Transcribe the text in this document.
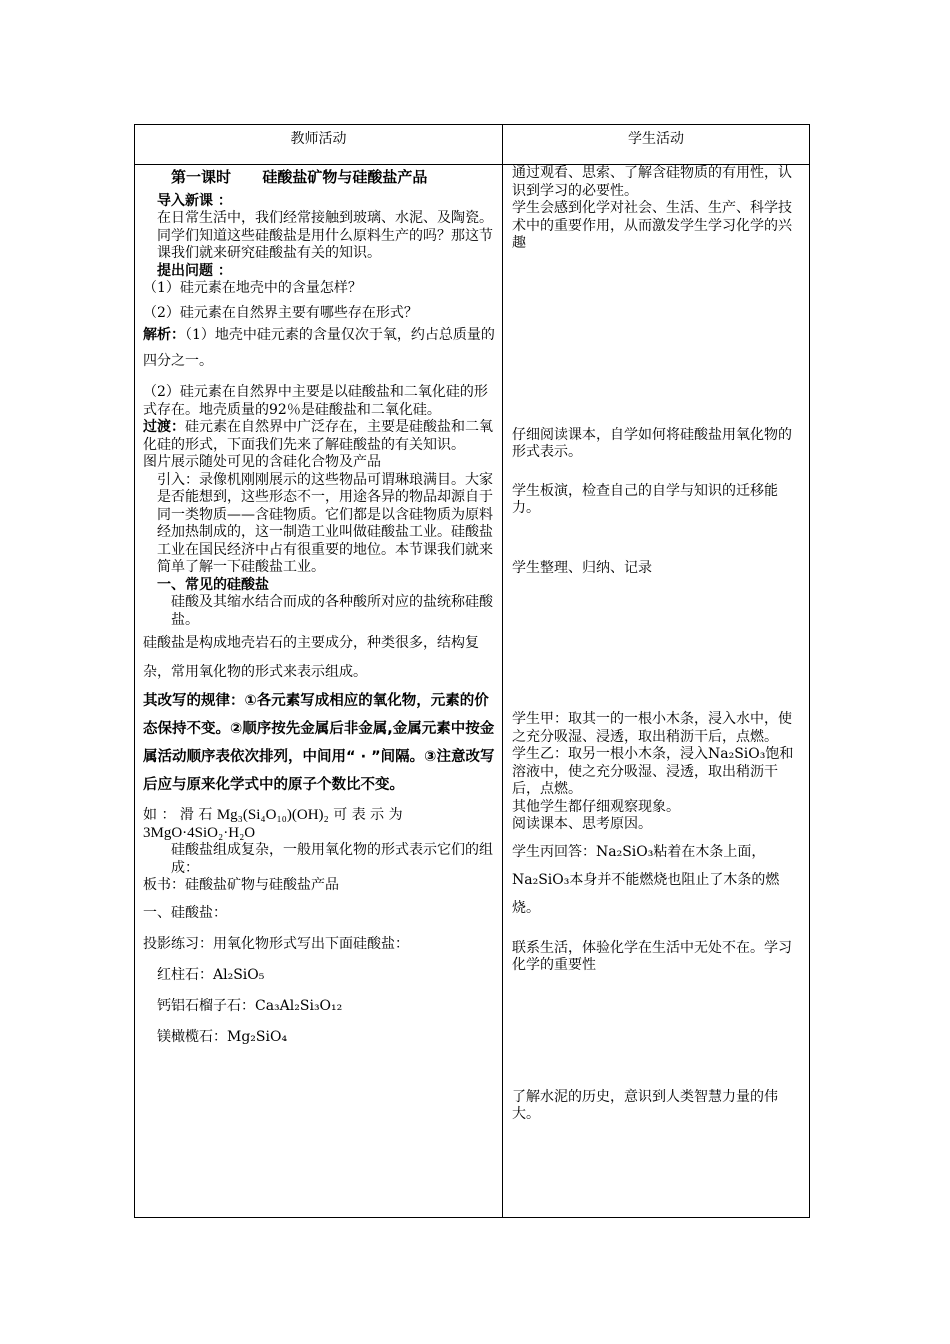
教师活动	学生活动
第一课时      硅酸盐矿物与硅酸盐产品

导入新课 ：

在日常生活中，我们经常接触到玻璃、水泥、及陶瓷。同学们知道这些硅酸盐是用什么原料生产的吗？那这节课我们就来研究硅酸盐有关的知识。

提出问题 ：

（1）硅元素在地壳中的含量怎样？

（2）硅元素在自然界主要有哪些存在形式？

解析：（1）地壳中硅元素的含量仅次于氧，约占总质量的四分之一。

（2）硅元素在自然界中主要是以硅酸盐和二氧化硅的形式存在。地壳质量的92％是硅酸盐和二氧化硅。

过渡：硅元素在自然界中广泛存在，主要是硅酸盐和二氧化硅的形式，下面我们先来了解硅酸盐的有关知识。

图片展示随处可见的含硅化合物及产品

引入：录像机刚刚展示的这些物品可谓琳琅满目。大家是否能想到，这些形态不一，用途各异的物品却源自于同一类物质——含硅物质。它们都是以含硅物质为原料经加热制成的，这一制造工业叫做硅酸盐工业。硅酸盐工业在国民经济中占有很重要的地位。本节课我们就来简单了解一下硅酸盐工业。

一、常见的硅酸盐

硅酸及其缩水结合而成的各种酸所对应的盐统称硅酸盐。

硅酸盐是构成地壳岩石的主要成分，种类很多，结构复杂，常用氧化物的形式来表示组成。

其改写的规律：①各元素写成相应的氧化物，元素的价态保持不变。②顺序按先金属后非金属,金属元素中按金属活动顺序表依次排列，中间用“ · ”间隔。③注意改写后应与原来化学式中的原子个数比不变。

如 ： 滑 石 Mg₃(Si₄O₁₀)(OH)₂ 可 表 示 为

3MgO·4SiO₂·H₂O

硅酸盐组成复杂，一般用氧化物的形式表示它们的组成：

板书：硅酸盐矿物与硅酸盐产品

一、硅酸盐：

投影练习：用氧化物形式写出下面硅酸盐：

红柱石：Al₂SiO₅

钙铝石榴子石：Ca₃Al₂Si₃O₁₂

镁橄榄石：Mg₂SiO₄

通过观看、思索、了解含硅物质的有用性，认识到学习的必要性。

学生会感到化学对社会、生活、生产、科学技术中的重要作用，从而激发学生学习化学的兴趣

仔细阅读课本，自学如何将硅酸盐用氧化物的形式表示。

学生板演，检查自己的自学与知识的迁移能力。

学生整理、归纳、记录

学生甲：取其一的一根小木条，浸入水中，使之充分吸湿、浸透，取出稍沥干后，点燃。

学生乙：取另一根小木条，浸入Na₂SiO₃饱和溶液中，使之充分吸湿、浸透，取出稍沥干后，点燃。

其他学生都仔细观察现象。

阅读课本、思考原因。

学生丙回答：Na₂SiO₃粘着在木条上面，Na₂SiO₃本身并不能燃烧也阻止了木条的燃烧。

联系生活，体验化学在生活中无处不在。学习化学的重要性

了解水泥的历史，意识到人类智慧力量的伟大。
